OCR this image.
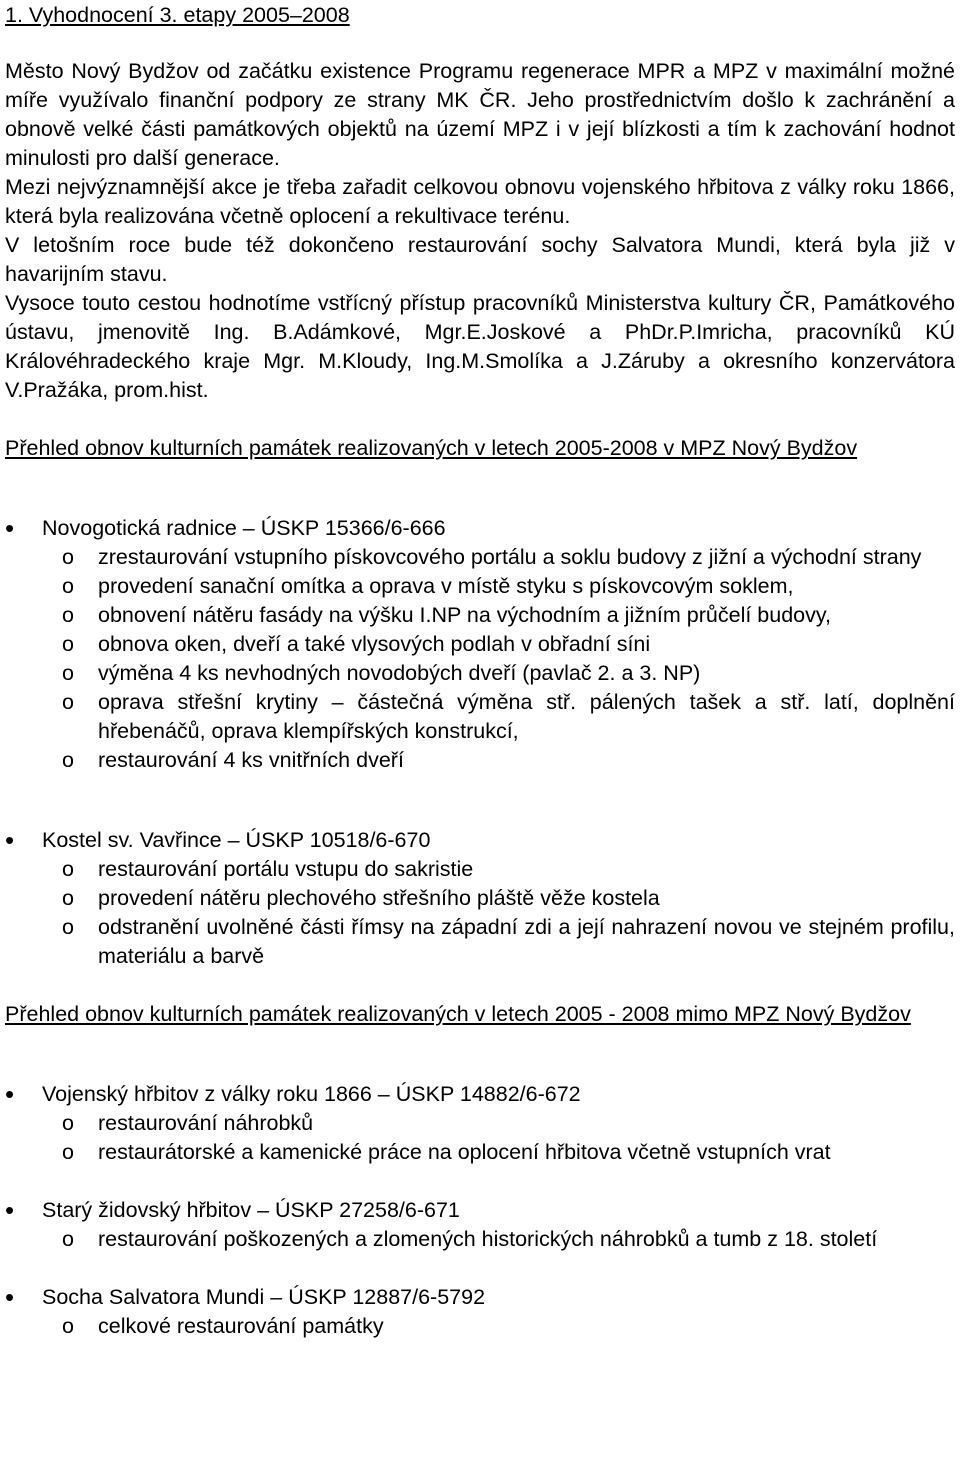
1. Vyhodnocení 3. etapy 2005–2008

Město Nový Bydžov od začátku existence Programu regenerace MPR a MPZ v maximální možné míře využívalo finanční podpory ze strany MK ČR. Jeho prostřednictvím došlo k zachránění a obnově velké části památkových objektů na území MPZ i v její blízkosti a tím k zachování hodnot minulosti pro další generace.

Mezi nejvýznamnější akce je třeba zařadit celkovou obnovu vojenského hřbitova z války roku 1866, která byla realizována včetně oplocení a rekultivace terénu.

V letošním roce bude též dokončeno restaurování sochy Salvatora Mundi, která byla již v havarijním stavu.

Vysoce touto cestou hodnotíme vstřícný přístup pracovníků Ministerstva kultury ČR, Památkového ústavu, jmenovitě Ing. B.Adámkové, Mgr.E.Joskové a PhDr.P.Imricha, pracovníků KÚ Královéhradeckého kraje Mgr. M.Kloudy, Ing.M.Smolíka a J.Záruby a okresního konzervátora V.Pražáka, prom.hist.

Přehled obnov kulturních památek realizovaných v letech 2005-2008 v MPZ Nový Bydžov
• Novogotická radnice – ÚSKP 15366/6-666
o zrestaurování vstupního pískovcového portálu a soklu budovy z jižní a východní strany
o provedení sanační omítka a oprava v místě styku s pískovcovým soklem,
o obnovení nátěru fasády na výšku I.NP na východním a jižním průčelí budovy,
o obnova oken, dveří a také vlysových podlah v obřadní síni
o výměna 4 ks nevhodných novodobých dveří (pavlač 2. a 3. NP)
o oprava střešní krytiny – částečná výměna stř. pálených tašek a stř. latí, doplnění hřebenáčů, oprava klempířských konstrukcí,
o restaurování 4 ks vnitřních dveří
• Kostel sv. Vavřince – ÚSKP 10518/6-670
o restaurování portálu vstupu do sakristie
o provedení nátěru plechového střešního pláště věže kostela
o odstranění uvolněné části římsy na západní zdi a její nahrazení novou ve stejném profilu, materiálu a barvě
Přehled obnov kulturních památek realizovaných v letech 2005 - 2008 mimo MPZ Nový Bydžov
• Vojenský hřbitov z války roku 1866 – ÚSKP 14882/6-672
o restaurování náhrobků
o restaurátorské a kamenické práce na oplocení hřbitova včetně vstupních vrat
• Starý židovský hřbitov – ÚSKP 27258/6-671
o restaurování poškozených a zlomených historických náhrobků a tumb z 18. století
• Socha Salvatora Mundi – ÚSKP 12887/6-5792
o celkové restaurování památky
